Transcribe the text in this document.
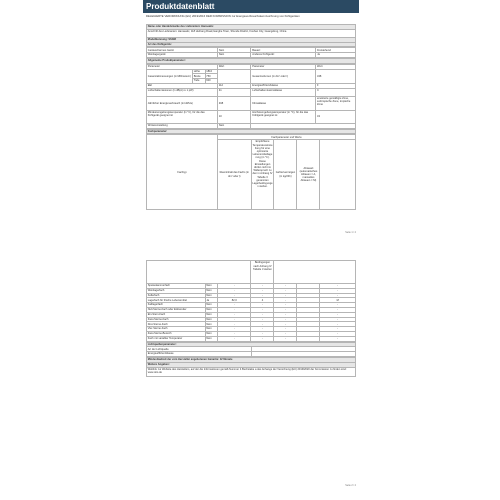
Produktdatenblatt
DELEGIERTE VERORDNUNG (EU) 2019/2016 DER KOMMISSION zur Energieverbrauchskennzeichnung von Kühlgeräten
Name oder Handelsmarke des Lieferanten: Hanseatic
Anschrift des Lieferanten: Hanseatic, 118 Huihang Road,Ganghe Town, Shunde District, Foshan City, Guangdong, China
Modellkennung: S6498
Art des Kühlgeräts:
Geräuscharmes Gerät:	Nein	Bauart:	Freistehend
Weinlagergerät:	Nein	Anderes Kühlgerät:	Ja
Allgemeine Produktparameter:
Parameter			Wert	Parameter	Wert
Gesamtabmessungen (in Millimetern)	Höhe	1810		Gesamtvolumen (in dm³ oder l)	348
	Breite	750			
	Tiefe	600			
EEI			112	Energieeffizienzklasse	F
Luftschallemissionen (in dB(A) re 1 pW)			41	Luftschallemissionsklasse	C
Jährlicher Energieverbrauch (in kWh/a)			498	Klimaklasse	erweiterte gemäßigte Zone, subtropische Zone, tropische Zone
Mindestumgebungstemperatur (in °C), für die das Kühlgerät geeignet ist			10	Höchstumgebungstemperatur (in °C), für die das Kühlgerät geeignet ist	43
Wintereinstellung			Nein		
Fachparameter:
Fachtyp	Fachparameter und Werte				
	Rauminhalt des Fachs (in dm³ oder l)	Empfohlene Temperatureinstellung für eine optimierte Lebensmittellagerung (in °C). Diese Einstellungen dürfen nicht im Widerspruch zu den in Anhang IV Tabelle 3 genannten Lagerbedingungen stehen.	Gefriervermögen (in kg/24h)	Abtauart (automatisches Abtauen = A, manuelles Abtauen = M)	
Seite 1 / 2
			Bedingungen nach Anhang IV Tabelle 3 stehen			
Speisekammerfach	Nein	-	-	-		-
Weinlagerfach	Nein	-	-	-		-
Kellerfach	Nein	-	-	-		-
Lagerfach für frische Lebensmittel	Ja	82,0	4	-		M
Kaltlagerfach	Nein	-	-	-		-
Null-Sterne-Fach oder Eisbereiter	Nein	-	-	-		-
Ein-Stern-Fach	Nein	-	-	-		-
Zwei-Sterne-Fach	Nein	-	-	-		-
Drei-Sterne-Fach	Nein	-	-	-		-
Vier-Sterne-Fach	Nein	-	-	-		-
Zwei-Sterne-Bereich	Nein	-	-	-		-
Fach mit variabler Temperatur	Nein	-	-	-		-
Lichtquellenparameter:	
Art der Lichtquelle	
Energieeffizienzklasse	
Mindestlaufzeit der vom Hersteller angebotenen Garantie: 12 Monate
Weitere Angaben:
Weblink zur Website des Herstellers, auf der die Informationen gemäß Nummer 4 Buchstabe a des Anhangs der Verordnung (EU) 2019/2020 der Kommission zu finden sind: www.otto.de
Seite 2 / 2
